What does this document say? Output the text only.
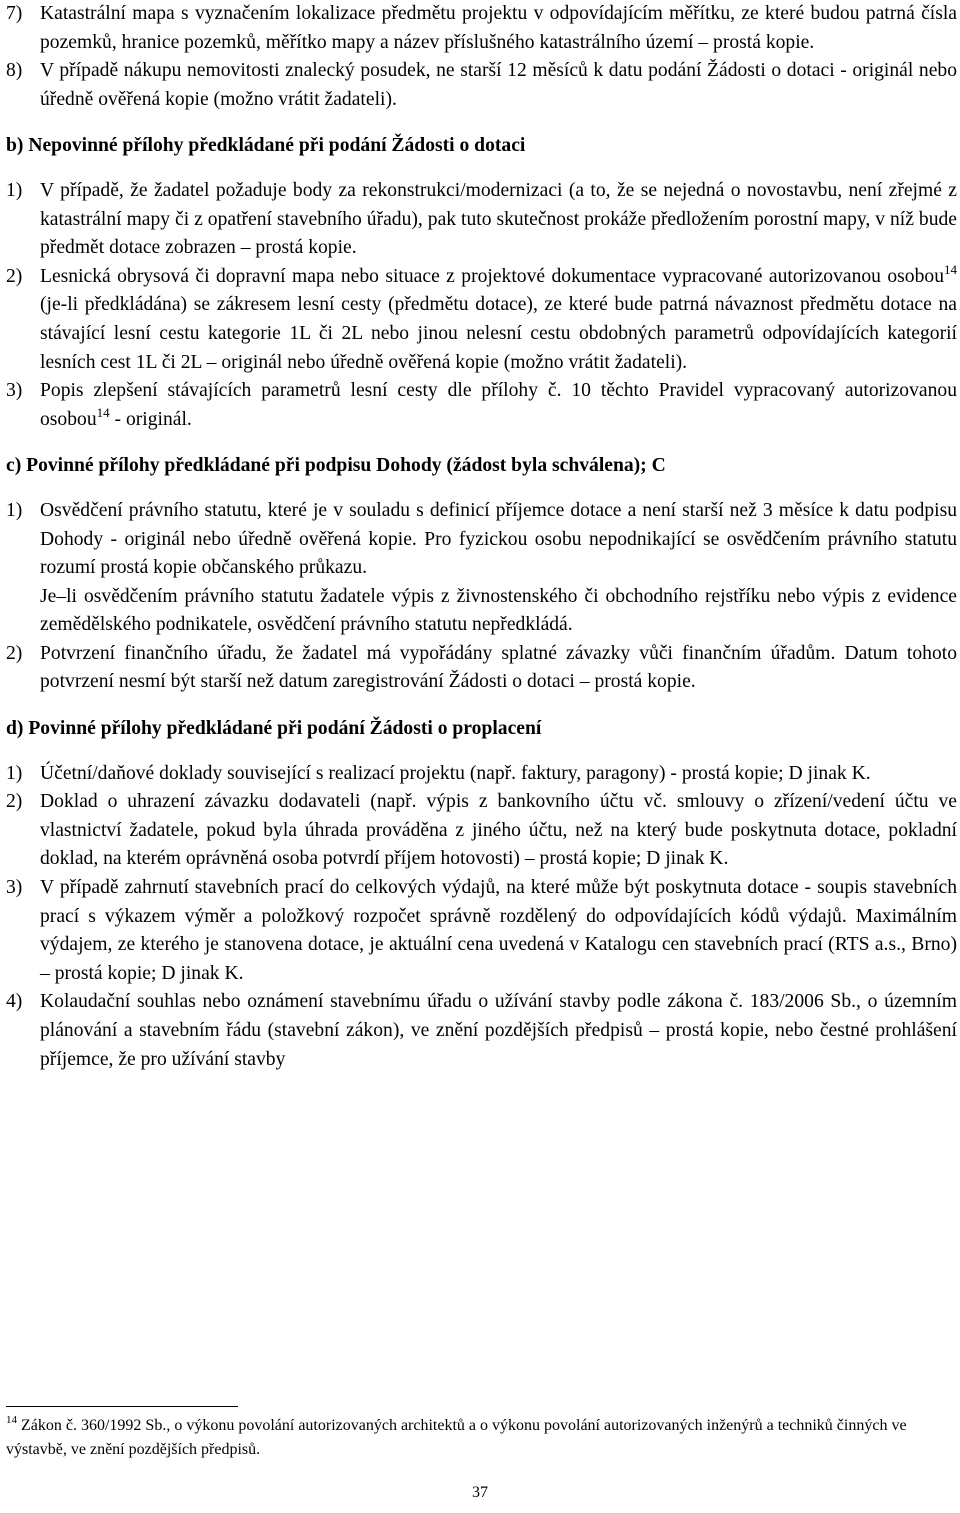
7) Katastrální mapa s vyznačením lokalizace předmětu projektu v odpovídajícím měřítku, ze které budou patrná čísla pozemků, hranice pozemků, měřítko mapy a název příslušného katastrálního území – prostá kopie.
8) V případě nákupu nemovitosti znalecký posudek, ne starší 12 měsíců k datu podání Žádosti o dotaci - originál nebo úředně ověřená kopie (možno vrátit žadateli).
b) Nepovinné přílohy předkládané při podání Žádosti o dotaci
1) V případě, že žadatel požaduje body za rekonstrukci/modernizaci (a to, že se nejedná o novostavbu, není zřejmé z katastrální mapy či z opatření stavebního úřadu), pak tuto skutečnost prokáže předložením porostní mapy, v níž bude předmět dotace zobrazen – prostá kopie.
2) Lesnická obrysová či dopravní mapa nebo situace z projektové dokumentace vypracované autorizovanou osobou$^{14}$ (je-li předkládána) se zákresem lesní cesty (předmětu dotace), ze které bude patrná návaznost předmětu dotace na stávající lesní cestu kategorie 1L či 2L nebo jinou nelesní cestu obdobných parametrů odpovídajících kategorií lesních cest 1L či 2L – originál nebo úředně ověřená kopie (možno vrátit žadateli).
3) Popis zlepšení stávajících parametrů lesní cesty dle přílohy č. 10 těchto Pravidel vypracovaný autorizovanou osobou$^{14}$ - originál.
c) Povinné přílohy předkládané při podpisu Dohody (žádost byla schválena); C
1) Osvědčení právního statutu, které je v souladu s definicí příjemce dotace a není starší než 3 měsíce k datu podpisu Dohody - originál nebo úředně ověřená kopie. Pro fyzickou osobu nepodnikající se osvědčením právního statutu rozumí prostá kopie občanského průkazu.

Je–li osvědčením právního statutu žadatele výpis z živnostenského či obchodního rejstříku nebo výpis z evidence zemědělského podnikatele, osvědčení právního statutu nepředkládá.

2) Potvrzení finančního úřadu, že žadatel má vypořádány splatné závazky vůči finančním úřadům. Datum tohoto potvrzení nesmí být starší než datum zaregistrování Žádosti o dotaci – prostá kopie.
d) Povinné přílohy předkládané při podání Žádosti o proplacení
1) Účetní/daňové doklady související s realizací projektu (např. faktury, paragony) - prostá kopie; D jinak K.
2) Doklad o uhrazení závazku dodavateli (např. výpis z bankovního účtu vč. smlouvy o zřízení/vedení účtu ve vlastnictví žadatele, pokud byla úhrada prováděna z jiného účtu, než na který bude poskytnuta dotace, pokladní doklad, na kterém oprávněná osoba potvrdí příjem hotovosti) – prostá kopie; D jinak K.
3) V případě zahrnutí stavebních prací do celkových výdajů, na které může být poskytnuta dotace - soupis stavebních prací s výkazem výměr a položkový rozpočet správně rozdělený do odpovídajících kódů výdajů. Maximálním výdajem, ze kterého je stanovena dotace, je aktuální cena uvedená v Katalogu cen stavebních prací (RTS a.s., Brno) – prostá kopie; D jinak K.
4) Kolaudační souhlas nebo oznámení stavebnímu úřadu o užívání stavby podle zákona č. 183/2006 Sb., o územním plánování a stavebním řádu (stavební zákon), ve znění pozdějších předpisů – prostá kopie, nebo čestné prohlášení příjemce, že pro užívání stavby
$^{14}$ Zákon č. 360/1992 Sb., o výkonu povolání autorizovaných architektů a o výkonu povolání autorizovaných inženýrů a techniků činných ve výstavbě, ve znění pozdějších předpisů.
37
